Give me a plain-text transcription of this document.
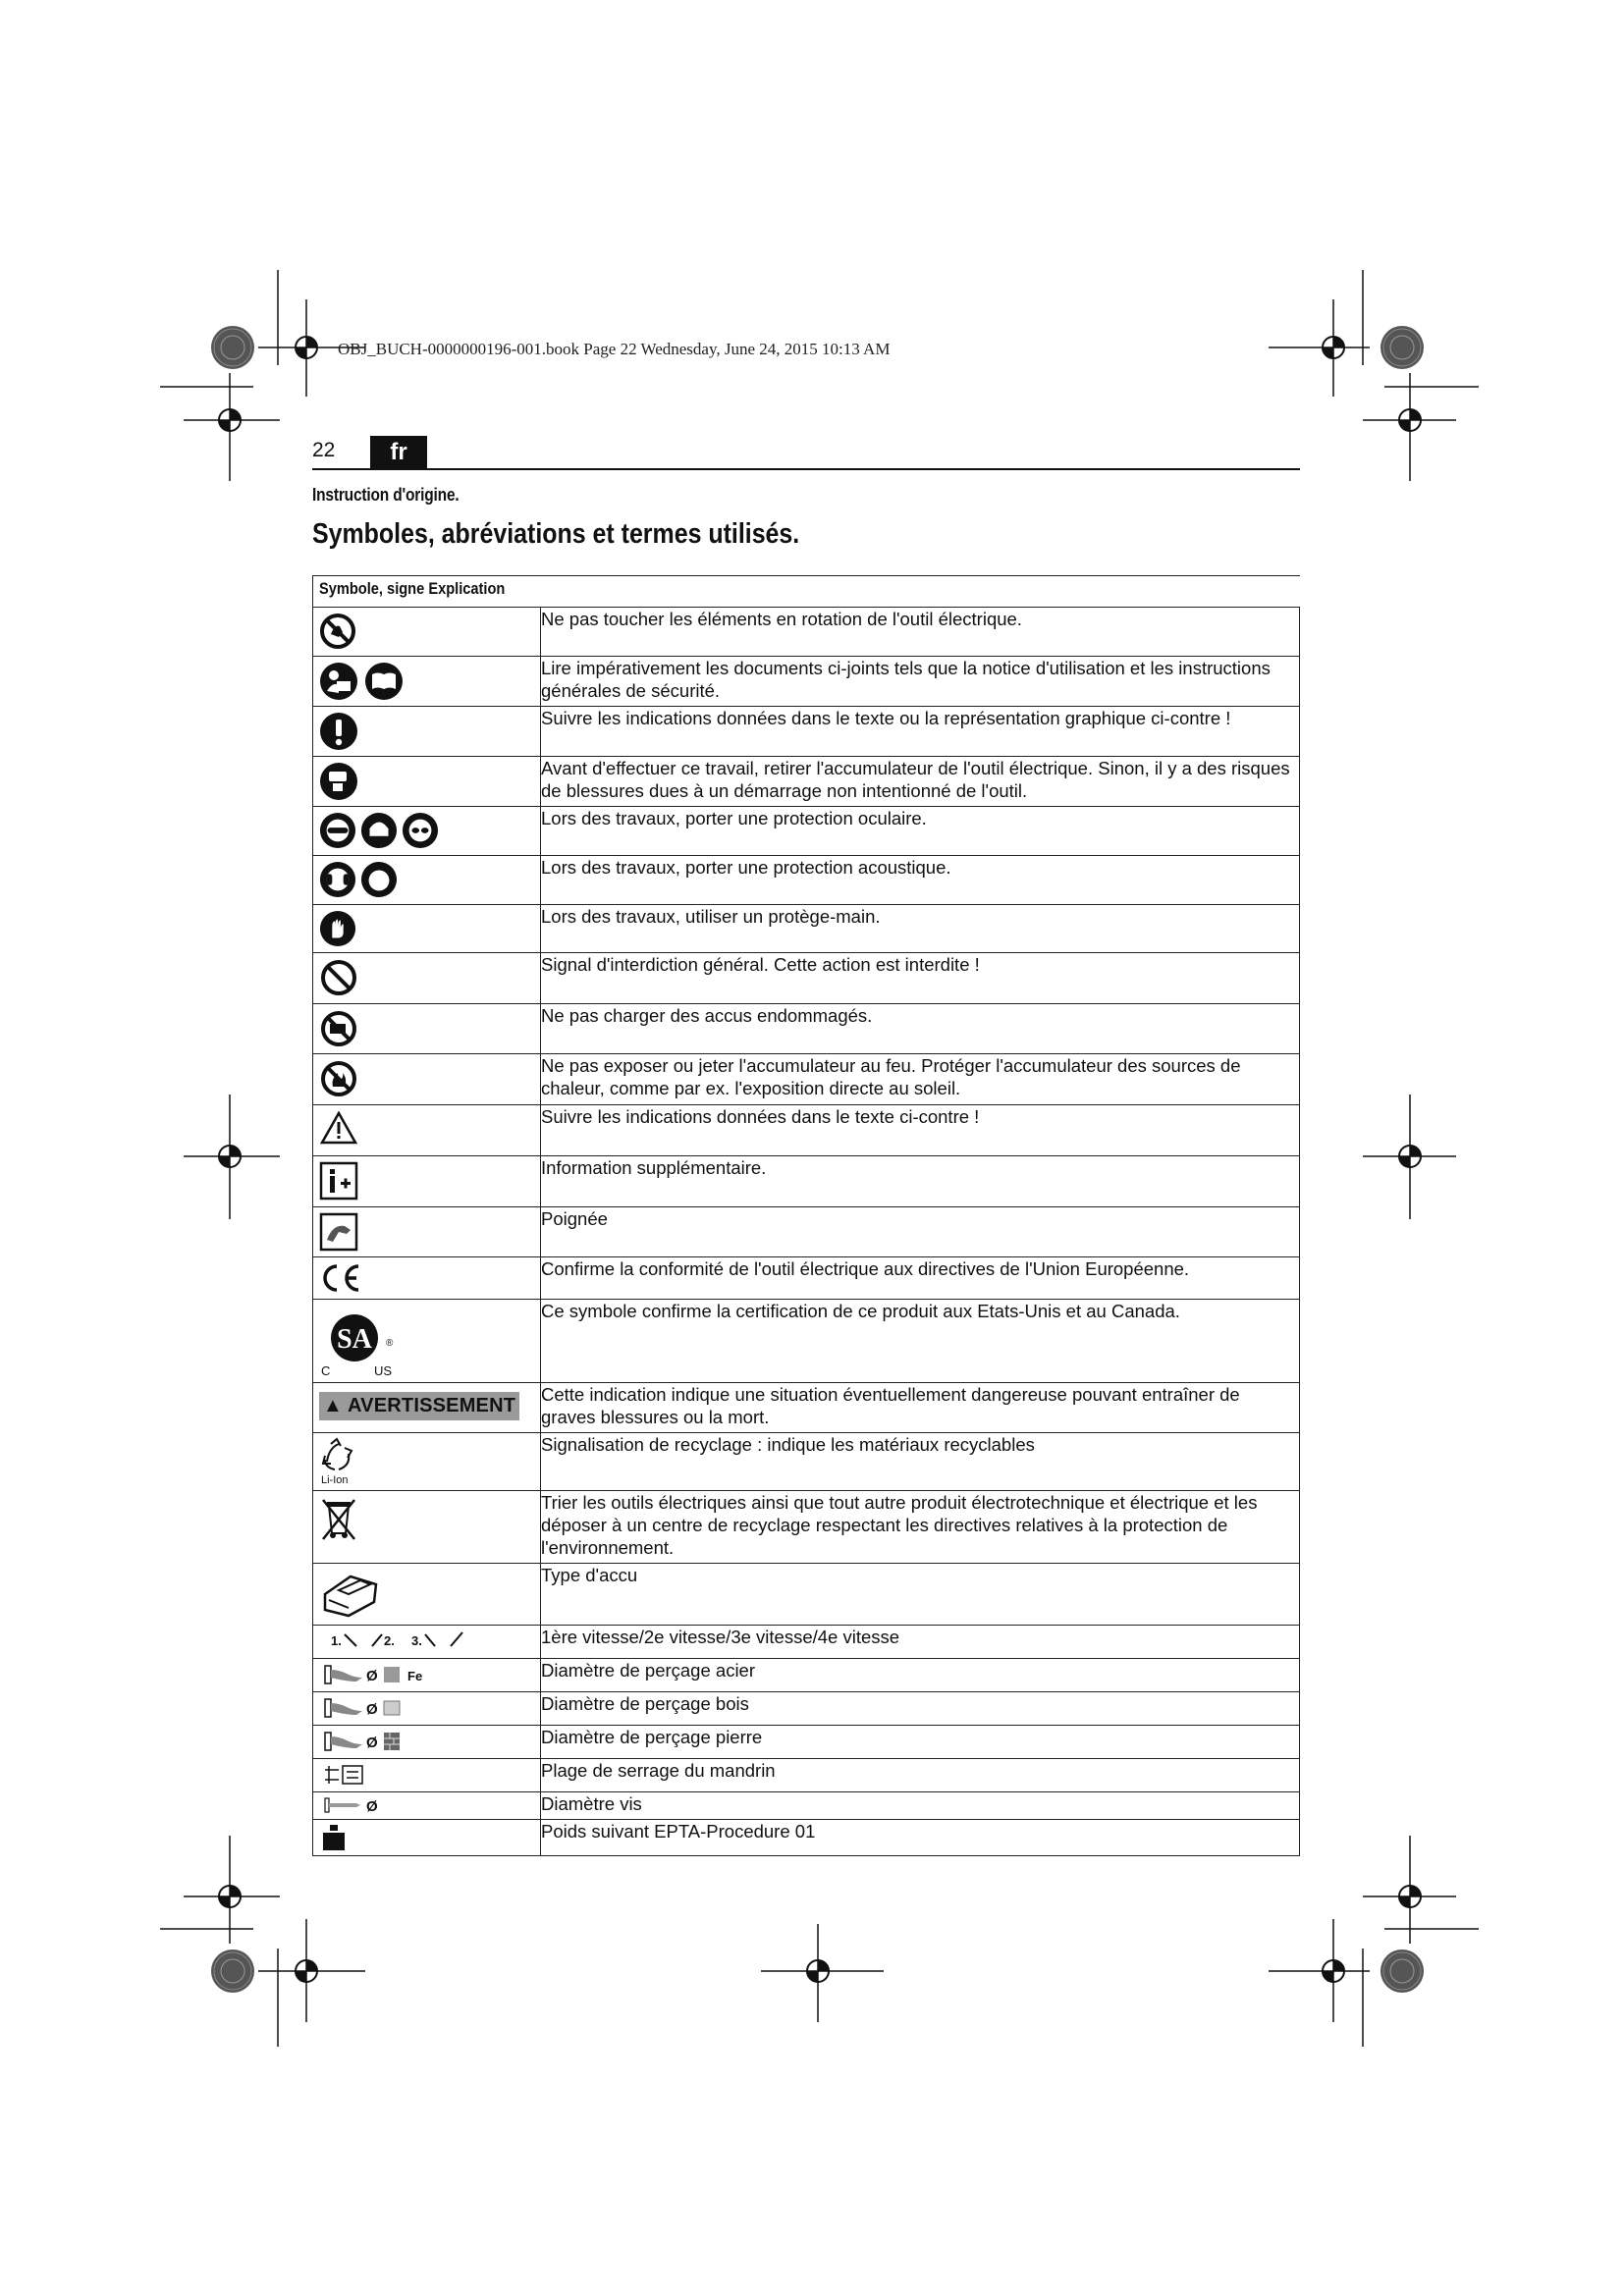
OBJ_BUCH-0000000196-001.book Page 22 Wednesday, June 24, 2015 10:13 AM
22	fr
Instruction d'origine.
Symboles, abréviations et termes utilisés.
Symbole, signe Explication	

	Ne pas toucher les éléments en rotation de l'outil électrique.

	Lire impérativement les documents ci-joints tels que la notice d'utilisation et les instructions générales de sécurité.

	Suivre les indications données dans le texte ou la représentation graphique ci-contre !

	Avant d'effectuer ce travail, retirer l'accumulateur de l'outil électrique. Sinon, il y a des risques de blessures dues à un démarrage non intentionné de l'outil.

	Lors des travaux, porter une protection oculaire.

	Lors des travaux, porter une protection acoustique.

	Lors des travaux, utiliser un protège-main.

	Signal d'interdiction général. Cette action est interdite !

	Ne pas charger des accus endommagés.

	Ne pas exposer ou jeter l'accumulateur au feu. Protéger l'accumulateur des sources de chaleur, comme par ex. l'exposition directe au soleil.

	Suivre les indications données dans le texte ci-contre !

	Information supplémentaire.

	Poignée

	Confirme la conformité de l'outil électrique aux directives de l'Union Européenne.

SA ®
C US	Ce symbole confirme la certification de ce produit aux Etats-Unis et au Canada.

▲ AVERTISSEMENT	Cette indication indique une situation éventuellement dangereuse pouvant entraîner de graves blessures ou la mort.

Li-Ion	Signalisation de recyclage : indique les matériaux recyclables

	Trier les outils électriques ainsi que tout autre produit électrotechnique et électrique et les déposer à un centre de recyclage respectant les directives relatives à la protection de l'environnement.

	Type d'accu

1. 2. 3.	1ère vitesse/2e vitesse/3e vitesse/4e vitesse

Ø Fe	Diamètre de perçage acier

Ø	Diamètre de perçage bois

Ø	Diamètre de perçage pierre

	Plage de serrage du mandrin

Ø	Diamètre vis

	Poids suivant EPTA-Procedure 01
